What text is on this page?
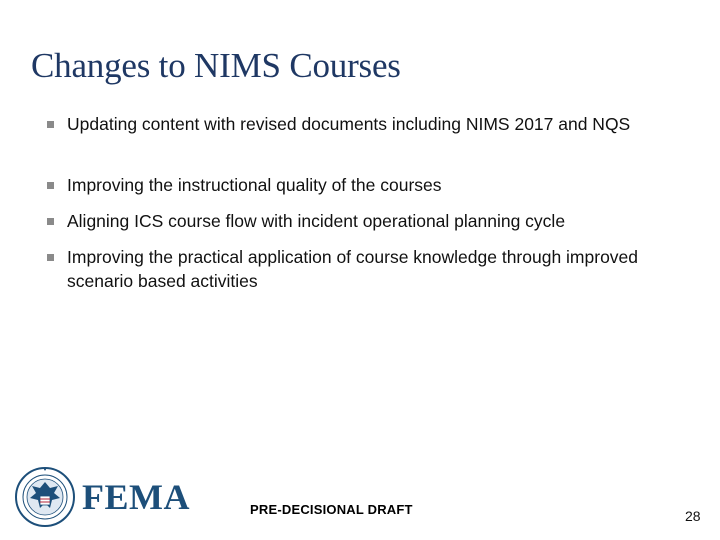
Changes to NIMS Courses
Updating content with revised documents including NIMS 2017 and NQS
Improving the instructional quality of the courses
Aligning ICS course flow with incident operational planning cycle
Improving the practical application of course knowledge through improved scenario based activities
FEMA	PRE-DECISIONAL DRAFT	28
